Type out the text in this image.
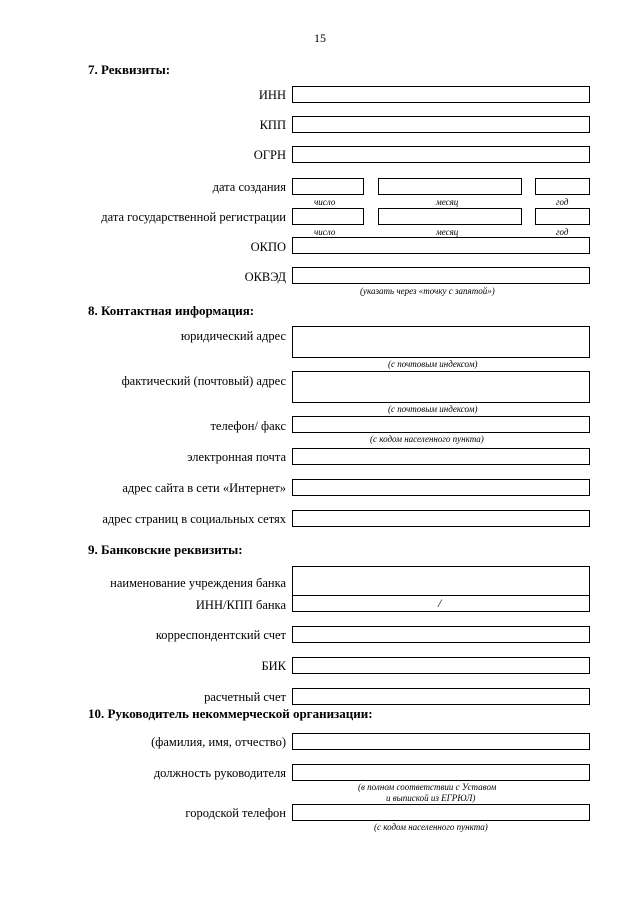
15
7. Реквизиты:
ИНН
КПП
ОГРН
дата создания
число	месяц	год
дата государственной регистрации
число	месяц	год
ОКПО
ОКВЭД
(указать через «точку с запятой»)
8. Контактная информация:
юридический адрес
(с почтовым индексом)
фактический (почтовый) адрес
(с почтовым индексом)
телефон/ факс
(с кодом населенного пункта)
электронная почта
адрес сайта в сети «Интернет»
адрес страниц в социальных сетях
9. Банковские реквизиты:
наименование учреждения банка
ИНН/КПП банка	/
корреспондентский счет
БИК
расчетный счет
10. Руководитель некоммерческой организации:
(фамилия, имя, отчество)
должность руководителя
(в полном соответствии с Уставом
и выпиской из ЕГРЮЛ)
городской телефон
(с кодом населенного пункта)
